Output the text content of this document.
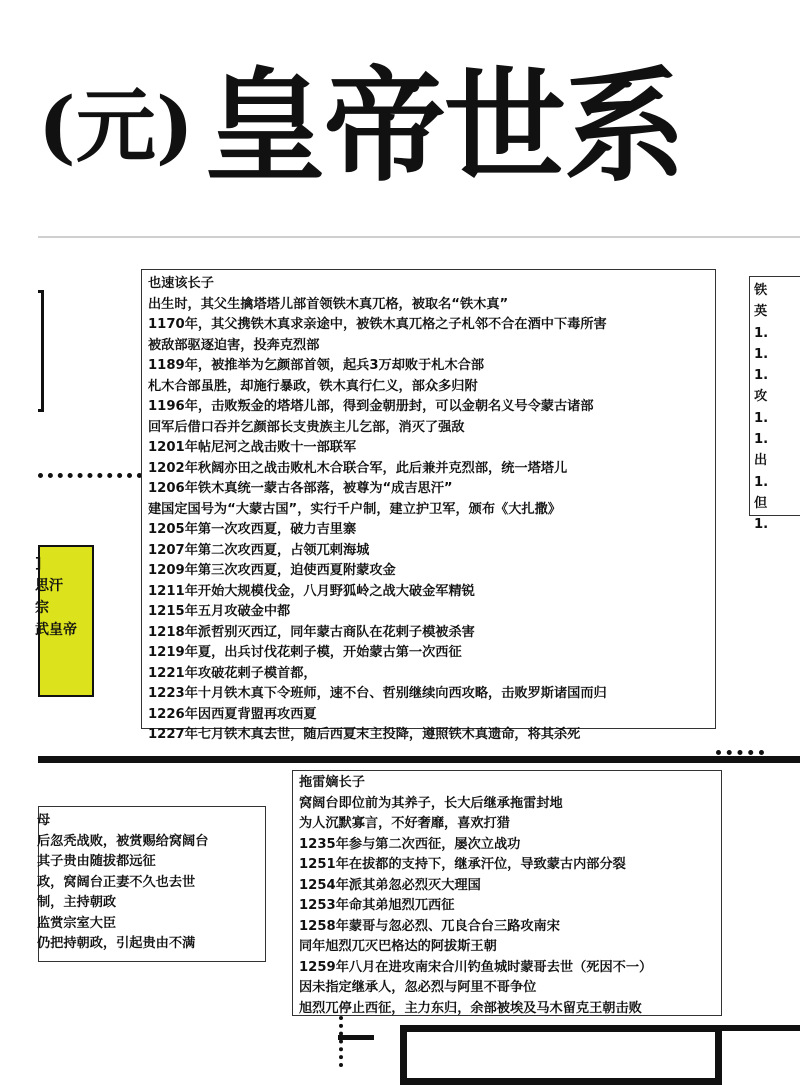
(元)皇帝世系
也速该长子
出生时，其父生擒塔塔儿部首领铁木真兀格，被取名“铁木真”
1170年，其父携铁木真求亲途中，被铁木真兀格之子札邻不合在酒中下毒所害
被敌部驱逐迫害，投奔克烈部
1189年，被推举为乞颜部首领，起兵3万却败于札木合部
札木合部虽胜，却施行暴政，铁木真行仁义，部众多归附
1196年，击败叛金的塔塔儿部，得到金朝册封，可以金朝名义号令蒙古诸部
回军后借口吞并乞颜部长支贵族主儿乞部，消灭了强敌
1201年帖尼河之战击败十一部联军
1202年秋阔亦田之战击败札木合联合军，此后兼并克烈部，统一塔塔儿
1206年铁木真统一蒙古各部落，被尊为“成吉思汗”
建国定国号为“大蒙古国”，实行千户制，建立护卫军，颁布《大扎撒》
1205年第一次攻西夏，破力吉里寨
1207年第二次攻西夏，占领兀剌海城
1209年第三次攻西夏，迫使西夏附蒙攻金
1211年开始大规模伐金，八月野狐岭之战大破金军精锐
1215年五月攻破金中都
1218年派哲别灭西辽，同年蒙古商队在花剌子模被杀害
1219年夏，出兵讨伐花剌子模，开始蒙古第一次西征
1221年攻破花剌子模首都，
1223年十月铁木真下令班师，速不台、哲别继续向西攻略，击败罗斯诸国而归
1226年因西夏背盟再攻西夏
1227年七月铁木真去世，随后西夏末主投降，遵照铁木真遗命，将其杀死
铁
英
1.
1.
1.
攻
1.
1.
出
1.
但
1.
]
思汗
宗
武皇帝
母
后忽秃战败，被赏赐给窝阔台
其子贵由随拔都远征
政，窝阔台正妻不久也去世
制，主持朝政
监赏宗室大臣
仍把持朝政，引起贵由不满
拖雷嫡长子
窝阔台即位前为其养子，长大后继承拖雷封地
为人沉默寡言，不好奢靡，喜欢打猎
1235年参与第二次西征，屡次立战功
1251年在拔都的支持下，继承汗位，导致蒙古内部分裂
1254年派其弟忽必烈灭大理国
1253年命其弟旭烈兀西征
1258年蒙哥与忽必烈、兀良合台三路攻南宋
同年旭烈兀灭巴格达的阿拔斯王朝
1259年八月在进攻南宋合川钓鱼城时蒙哥去世（死因不一）
因未指定继承人，忽必烈与阿里不哥争位
旭烈兀停止西征，主力东归，余部被埃及马木留克王朝击败
